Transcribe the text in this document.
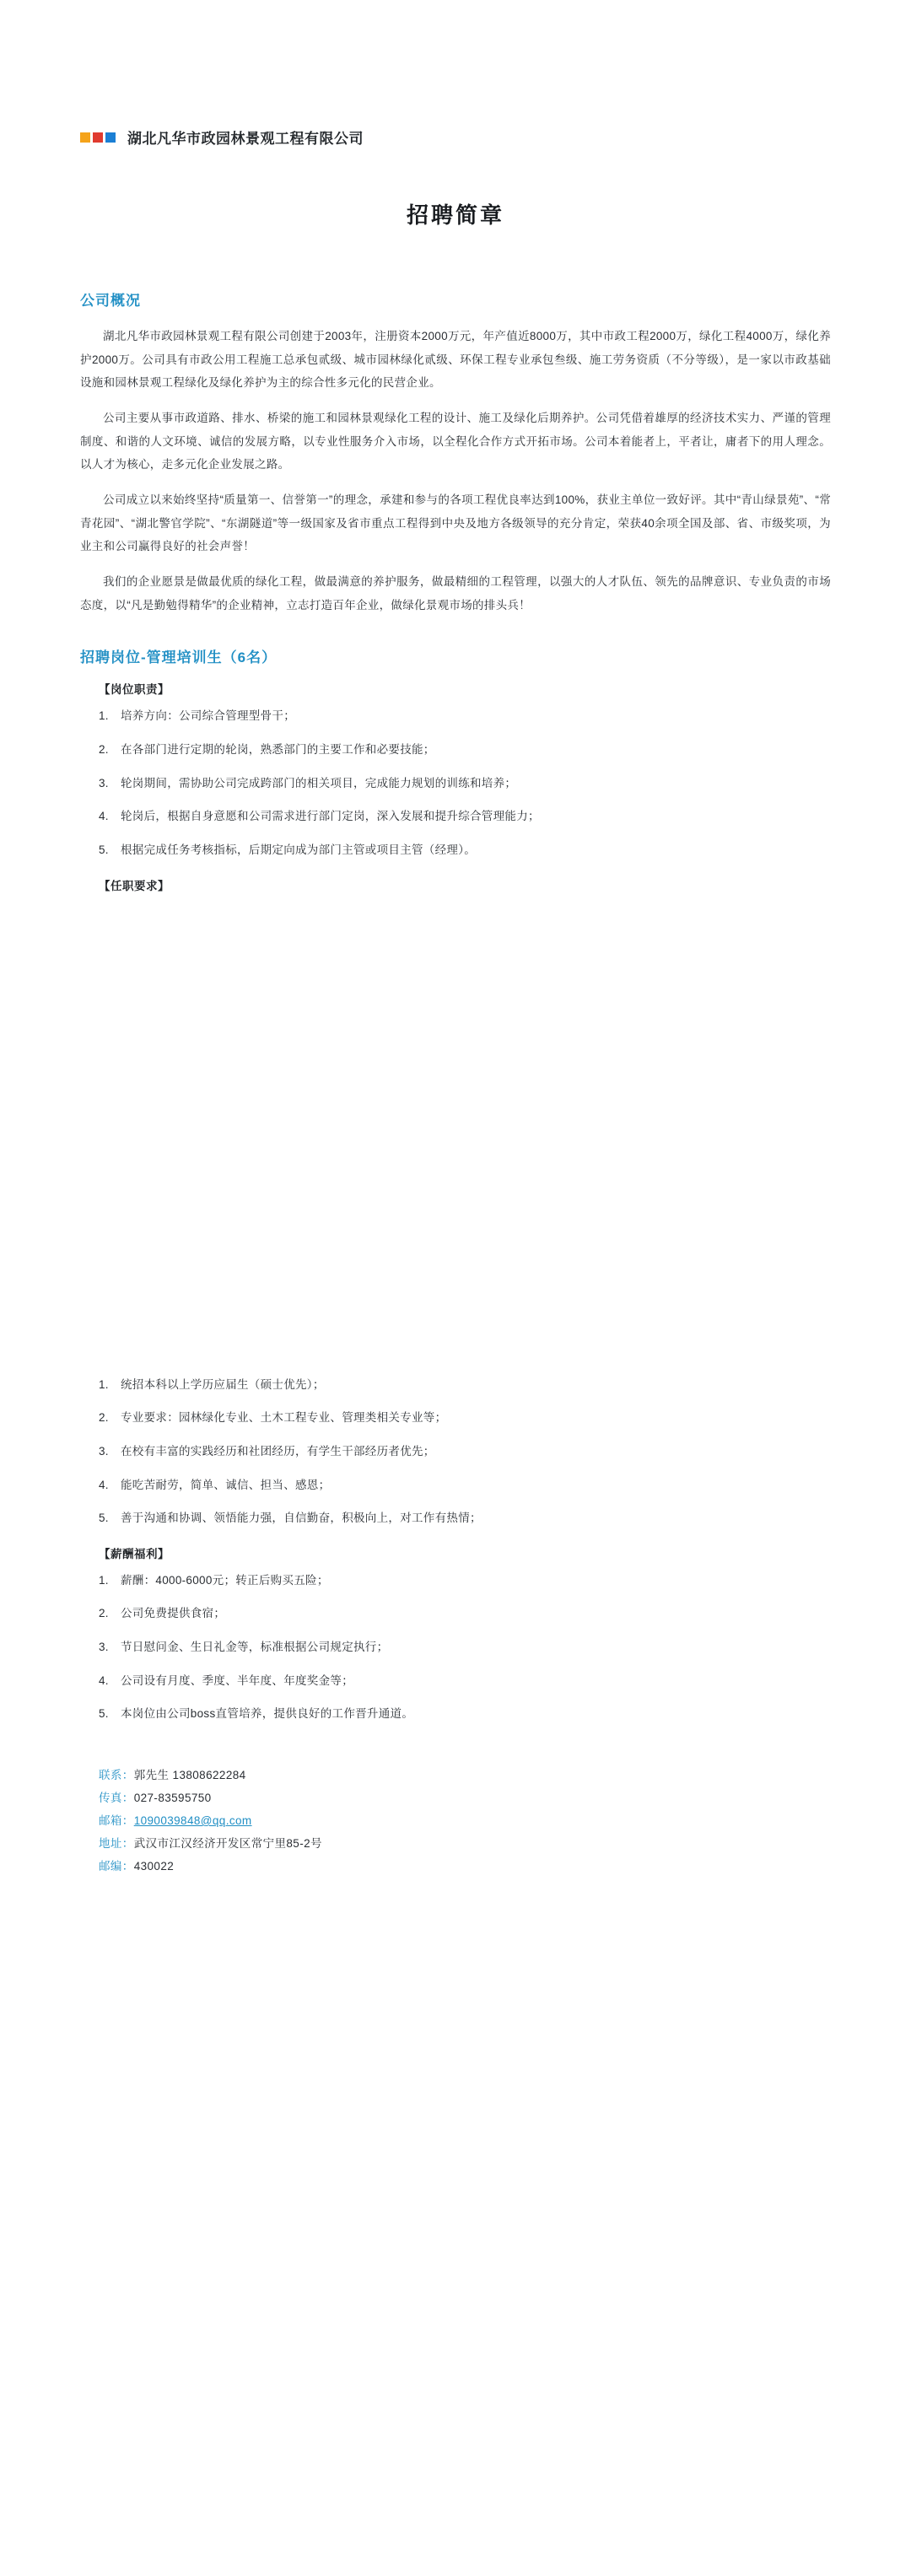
湖北凡华市政园林景观工程有限公司
招聘简章
公司概况

湖北凡华市政园林景观工程有限公司创建于2003年，注册资本2000万元，年产值近8000万，其中市政工程2000万，绿化工程4000万，绿化养护2000万。公司具有市政公用工程施工总承包贰级、城市园林绿化贰级、环保工程专业承包叁级、施工劳务资质（不分等级），是一家以市政基础设施和园林景观工程绿化及绿化养护为主的综合性多元化的民营企业。

公司主要从事市政道路、排水、桥梁的施工和园林景观绿化工程的设计、施工及绿化后期养护。公司凭借着雄厚的经济技术实力、严谨的管理制度、和谐的人文环境、诚信的发展方略，以专业性服务介入市场，以全程化合作方式开拓市场。公司本着能者上，平者让，庸者下的用人理念。以人才为核心，走多元化企业发展之路。

公司成立以来始终坚持“质量第一、信誉第一”的理念，承建和参与的各项工程优良率达到100%，获业主单位一致好评。其中“青山绿景苑”、“常青花园”、“湖北警官学院”、“东湖隧道”等一级国家及省市重点工程得到中央及地方各级领导的充分肯定，荣获40余项全国及部、省、市级奖项，为业主和公司赢得良好的社会声誉！

我们的企业愿景是做最优质的绿化工程，做最满意的养护服务，做最精细的工程管理，以强大的人才队伍、领先的品牌意识、专业负责的市场态度，以“凡是勤勉得精华”的企业精神，立志打造百年企业，做绿化景观市场的排头兵！

招聘岗位-管理培训生（6名）
【岗位职责】
1.	培养方向：公司综合管理型骨干；
2.	在各部门进行定期的轮岗，熟悉部门的主要工作和必要技能；
3.	轮岗期间，需协助公司完成跨部门的相关项目，完成能力规划的训练和培养；
4.	轮岗后，根据自身意愿和公司需求进行部门定岗，深入发展和提升综合管理能力；
5.	根据完成任务考核指标，后期定向成为部门主管或项目主管（经理）。
【任职要求】
1.	统招本科以上学历应届生（硕士优先）；
2.	专业要求：园林绿化专业、土木工程专业、管理类相关专业等；
3.	在校有丰富的实践经历和社团经历，有学生干部经历者优先；
4.	能吃苦耐劳，简单、诚信、担当、感恩；
5.	善于沟通和协调、领悟能力强，自信勤奋，积极向上，对工作有热情；
【薪酬福利】
1.	薪酬：4000-6000元；转正后购买五险；
2.	公司免费提供食宿；
3.	节日慰问金、生日礼金等，标准根据公司规定执行；
4.	公司设有月度、季度、半年度、年度奖金等；
5.	本岗位由公司boss直管培养，提供良好的工作晋升通道。
联系：郭先生 13808622284
传真：027-83595750
邮箱：1090039848@qq.com
地址：武汉市江汉经济开发区常宁里85-2号
邮编：430022
